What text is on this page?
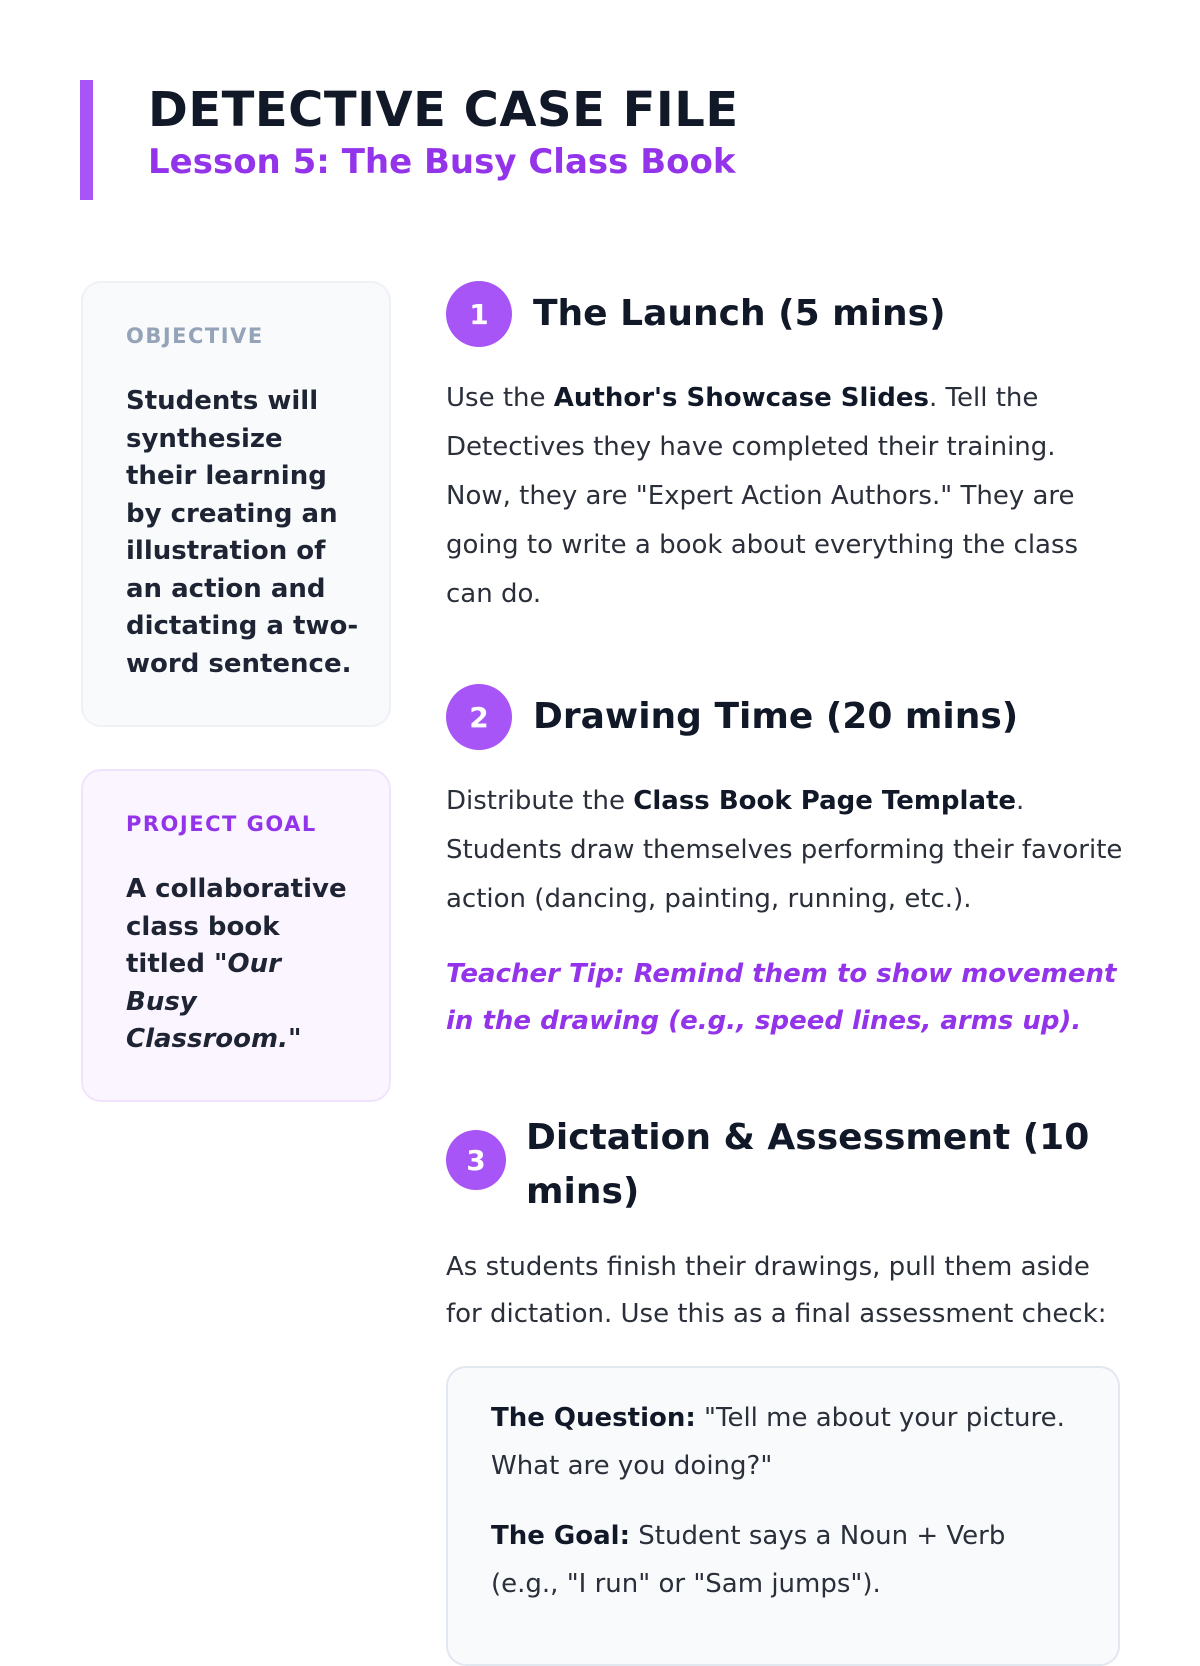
DETECTIVE CASE FILE
Lesson 5: The Busy Class Book

OBJECTIVE

Students will synthesize their learning by creating an illustration of an action and dictating a two-word sentence.

PROJECT GOAL

A collaborative class book titled "Our Busy Classroom."

1	The Launch (5 mins)

Use the Author's Showcase Slides. Tell the Detectives they have completed their training. Now, they are "Expert Action Authors." They are going to write a book about everything the class can do.

2	Drawing Time (20 mins)

Distribute the Class Book Page Template. Students draw themselves performing their favorite action (dancing, painting, running, etc.).

Teacher Tip: Remind them to show movement in the drawing (e.g., speed lines, arms up).

3
Dictation & Assessment (10 mins)

As students finish their drawings, pull them aside for dictation. Use this as a final assessment check:

The Question: "Tell me about your picture. What are you doing?"

The Goal: Student says a Noun + Verb (e.g., "I run" or "Sam jumps").
